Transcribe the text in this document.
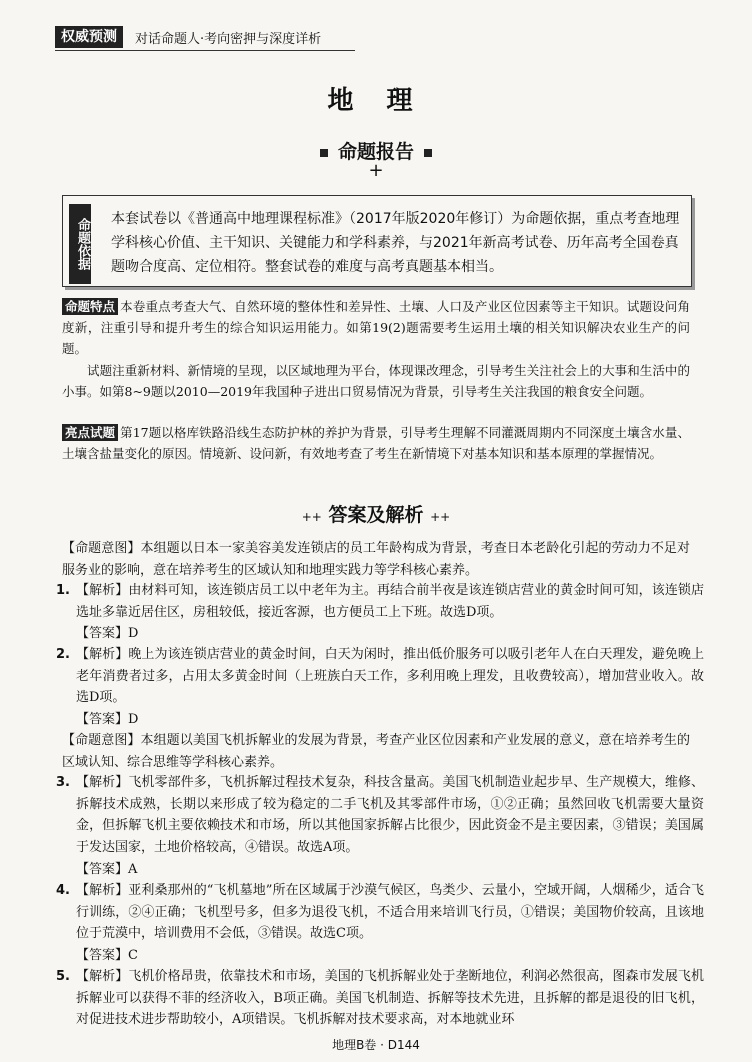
权威预测	对话命题人·考向密押与深度详析
地 理
命题报告
+
命题依据 本套试卷以《普通高中地理课程标准》（2017年版2020年修订）为命题依据，重点考查地理学科核心价值、主干知识、关键能力和学科素养，与2021年新高考试卷、历年高考全国卷真题吻合度高、定位相符。整套试卷的难度与高考真题基本相当。
命题特点 本卷重点考查大气、自然环境的整体性和差异性、土壤、人口及产业区位因素等主干知识。试题设问角度新，注重引导和提升考生的综合知识运用能力。如第19(2)题需要考生运用土壤的相关知识解决农业生产的问题。
试题注重新材料、新情境的呈现，以区域地理为平台，体现课改理念，引导考生关注社会上的大事和生活中的小事。如第8~9题以2010—2019年我国种子进出口贸易情况为背景，引导考生关注我国的粮食安全问题。
亮点试题 第17题以格库铁路沿线生态防护林的养护为背景，引导考生理解不同灌溉周期内不同深度土壤含水量、土壤含盐量变化的原因。情境新、设问新，有效地考查了考生在新情境下对基本知识和基本原理的掌握情况。
++ 答案及解析 ++
【命题意图】本组题以日本一家美容美发连锁店的员工年龄构成为背景，考查日本老龄化引起的劳动力不足对服务业的影响，意在培养考生的区域认知和地理实践力等学科核心素养。
1. 【解析】由材料可知，该连锁店员工以中老年为主。再结合前半夜是该连锁店营业的黄金时间可知，该连锁店选址多靠近居住区，房租较低，接近客源，也方便员工上下班。故选D项。
【答案】D
2. 【解析】晚上为该连锁店营业的黄金时间，白天为闲时，推出低价服务可以吸引老年人在白天理发，避免晚上老年消费者过多，占用太多黄金时间（上班族白天工作，多利用晚上理发，且收费较高），增加营业收入。故选D项。
【答案】D
【命题意图】本组题以美国飞机拆解业的发展为背景，考查产业区位因素和产业发展的意义，意在培养考生的区域认知、综合思维等学科核心素养。
3. 【解析】飞机零部件多，飞机拆解过程技术复杂，科技含量高。美国飞机制造业起步早、生产规模大，维修、拆解技术成熟，长期以来形成了较为稳定的二手飞机及其零部件市场，①②正确；虽然回收飞机需要大量资金，但拆解飞机主要依赖技术和市场，所以其他国家拆解占比很少，因此资金不是主要因素，③错误；美国属于发达国家，土地价格较高，④错误。故选A项。
【答案】A
4. 【解析】亚利桑那州的“飞机墓地”所在区域属于沙漠气候区，鸟类少、云量小，空域开阔，人烟稀少，适合飞行训练，②④正确；飞机型号多，但多为退役飞机，不适合用来培训飞行员，①错误；美国物价较高，且该地位于荒漠中，培训费用不会低，③错误。故选C项。
【答案】C
5. 【解析】飞机价格昂贵，依靠技术和市场，美国的飞机拆解业处于垄断地位，利润必然很高，图森市发展飞机拆解业可以获得不菲的经济收入，B项正确。美国飞机制造、拆解等技术先进，且拆解的都是退役的旧飞机，对促进技术进步帮助较小，A项错误。飞机拆解对技术要求高，对本地就业环
地理B卷 · D144
